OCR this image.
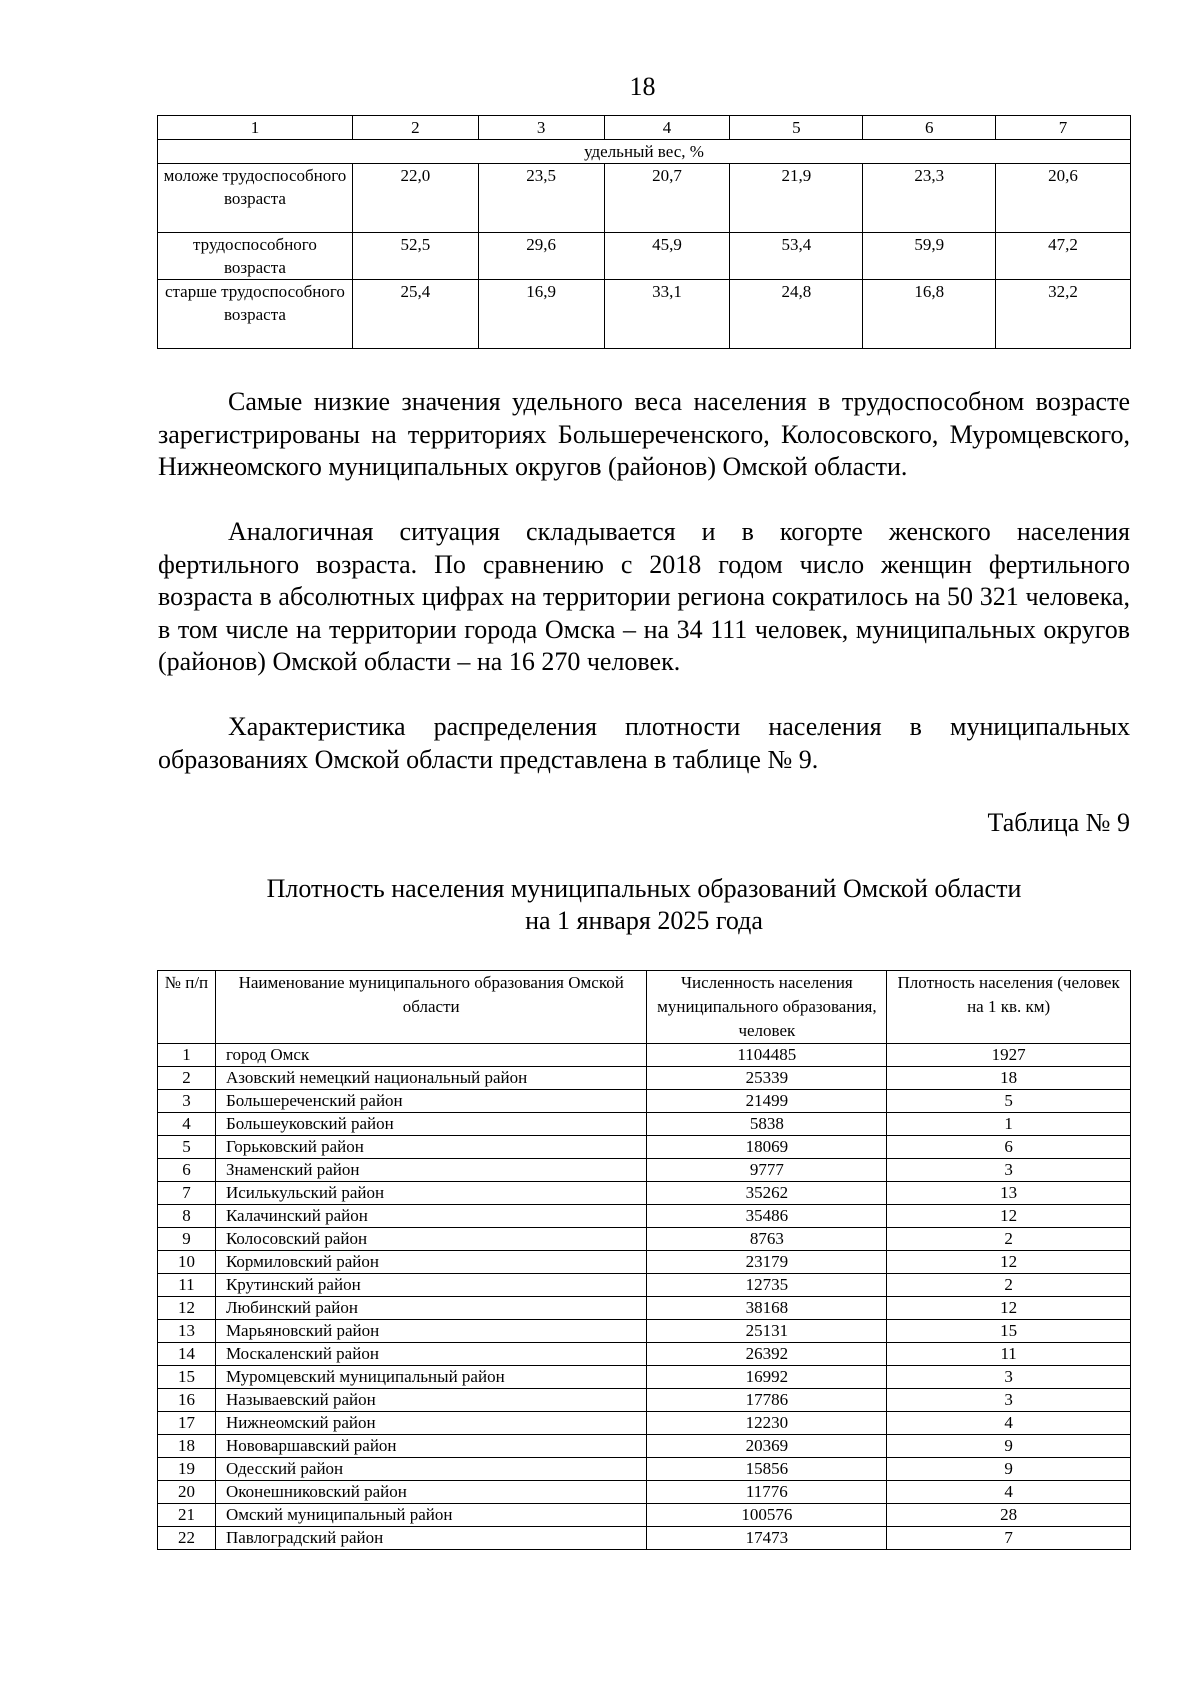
18
1	2	3	4	5	6	7
удельный вес, %						
моложе трудоспособного возраста	22,0	23,5	20,7	21,9	23,3	20,6
трудоспособного возраста	52,5	29,6	45,9	53,4	59,9	47,2
старше трудоспособного возраста	25,4	16,9	33,1	24,8	16,8	32,2

Самые низкие значения удельного веса населения в трудоспособном возрасте зарегистрированы на территориях Большереченского, Колосовского, Муромцевского, Нижнеомского муниципальных округов (районов) Омской области.

Аналогичная ситуация складывается и в когорте женского населения фертильного возраста. По сравнению с 2018 годом число женщин фертильного возраста в абсолютных цифрах на территории региона сократилось на 50 321 человека, в том числе на территории города Омска – на 34 111 человек, муниципальных округов (районов) Омской области – на 16 270 человек.

Характеристика распределения плотности населения в муниципальных образованиях Омской области представлена в таблице № 9.

Таблица № 9

Плотность населения муниципальных образований Омской области
на 1 января 2025 года

№ п/п	Наименование муниципального образования Омской области	Численность населения муниципального образования, человек	Плотность населения (человек на 1 кв. км)
1	город Омск	1104485	1927
2	Азовский немецкий национальный район	25339	18
3	Большереченский район	21499	5
4	Большеуковский район	5838	1
5	Горьковский район	18069	6
6	Знаменский район	9777	3
7	Исилькульский район	35262	13
8	Калачинский район	35486	12
9	Колосовский район	8763	2
10	Кормиловский район	23179	12
11	Крутинский район	12735	2
12	Любинский район	38168	12
13	Марьяновский район	25131	15
14	Москаленский район	26392	11
15	Муромцевский муниципальный район	16992	3
16	Называевский район	17786	3
17	Нижнеомский район	12230	4
18	Нововаршавский район	20369	9
19	Одесский район	15856	9
20	Оконешниковский район	11776	4
21	Омский муниципальный район	100576	28
22	Павлоградский район	17473	7
